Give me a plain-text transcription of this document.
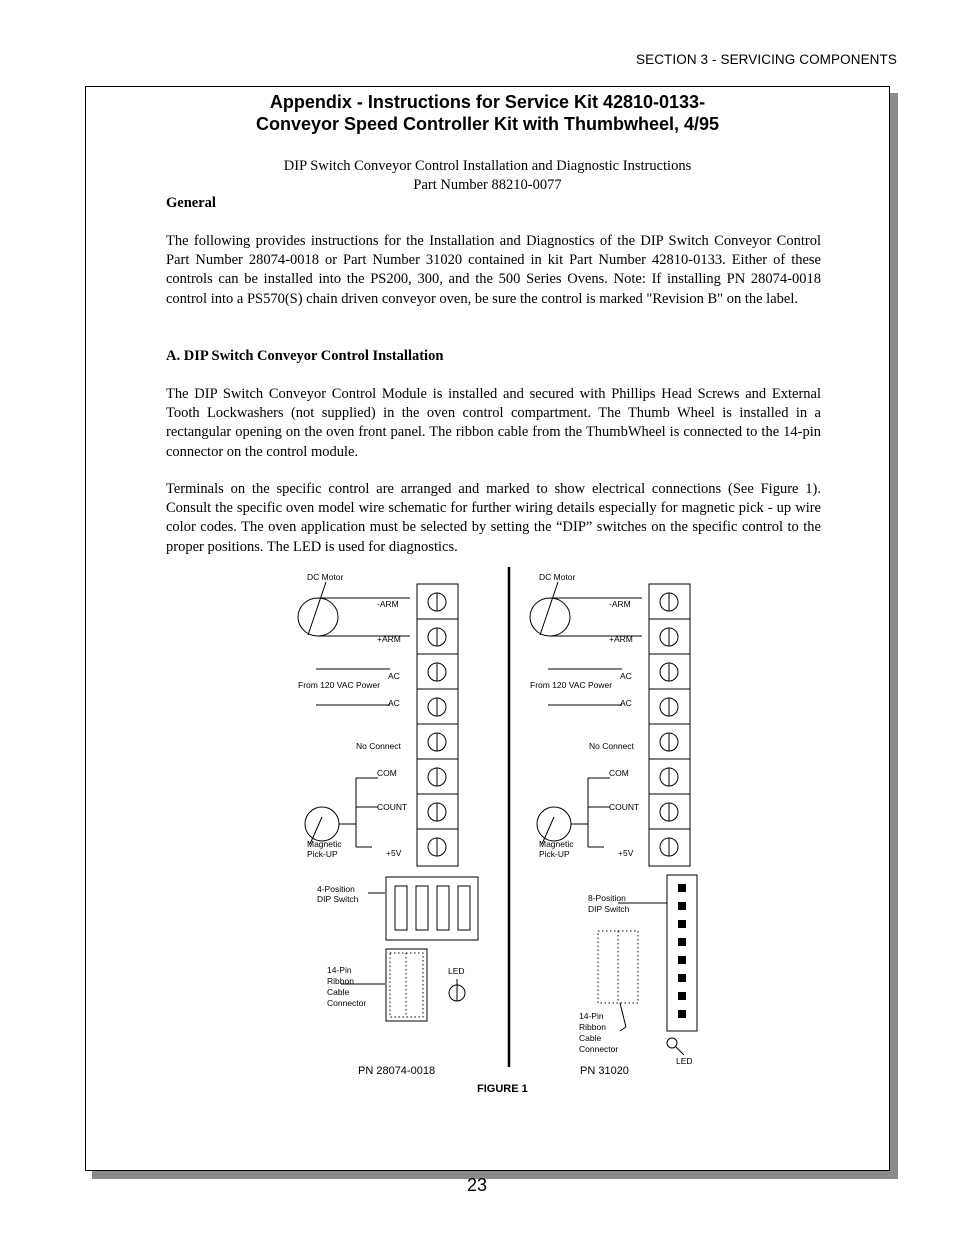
SECTION 3 - SERVICING COMPONENTS
Appendix - Instructions for Service Kit 42810-0133-
Conveyor Speed Controller Kit with Thumbwheel, 4/95
DIP Switch Conveyor Control Installation and Diagnostic Instructions
Part Number 88210-0077
General
The following provides instructions for the Installation and Diagnostics of the DIP Switch Conveyor Control Part Number 28074-0018 or Part Number 31020 contained in kit Part Number 42810-0133. Either of these controls can be installed into the PS200, 300, and the 500 Series Ovens. Note: If installing PN 28074-0018 control into a PS570(S) chain driven conveyor oven, be sure the control is marked "Revision B" on the label.
A. DIP Switch Conveyor Control Installation
The DIP Switch Conveyor Control Module is installed and secured with Phillips Head Screws and External Tooth Lockwashers (not supplied) in the oven control compartment. The Thumb Wheel is installed in a rectangular opening on the oven front panel. The ribbon cable from the ThumbWheel is connected to the 14-pin connector on the control module.
Terminals on the specific control are arranged and marked to show electrical connections (See Figure 1). Consult the specific oven model wire schematic for further wiring details especially for magnetic pick - up wire color codes. The oven application must be selected by setting the “DIP” switches on the specific control to the proper positions. The LED is used for diagnostics.
DC Motor
-ARM
+ARM
AC
From 120 VAC Power
AC
No Connect
COM
COUNT
Magnetic
Pick-UP	+5V
4-Position
DIP Switch
14-Pin
Ribbon
Cable
Connector
LED
PN 28074-0018
DC Motor
-ARM
+ARM
AC
From 120 VAC Power
AC
No Connect
COM
COUNT
Magnetic
Pick-UP	+5V
8-Position
DIP Switch
14-Pin
Ribbon
Cable
Connector
LED
PN 31020
FIGURE 1
23
